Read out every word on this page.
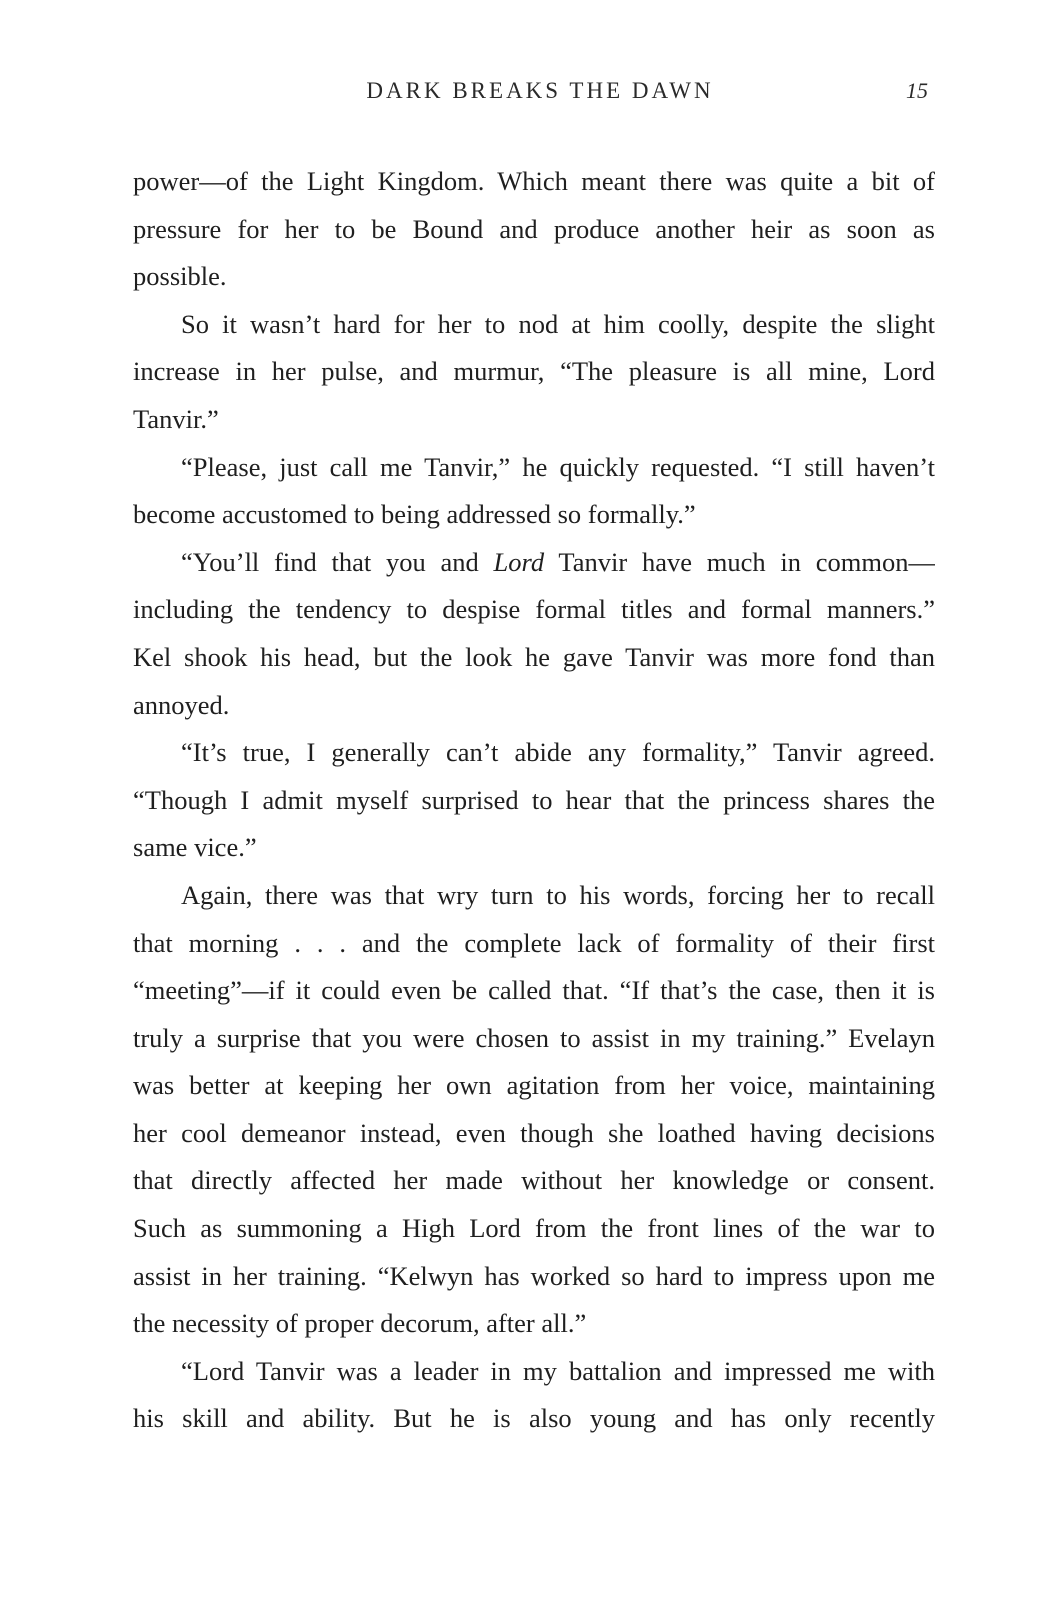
DARK BREAKS THE DAWN	15
power—of the Light Kingdom. Which meant there was quite a bit of
pressure for her to be Bound and produce another heir as soon as
possible.
So it wasn’t hard for her to nod at him coolly, despite the slight
increase in her pulse, and murmur, “The pleasure is all mine, Lord
Tanvir.”
“Please, just call me Tanvir,” he quickly requested. “I still haven’t
become accustomed to being addressed so formally.”
“You’ll find that you and Lord Tanvir have much in common—
including the tendency to despise formal titles and formal manners.”
Kel shook his head, but the look he gave Tanvir was more fond than
annoyed.
“It’s true, I generally can’t abide any formality,” Tanvir agreed.
“Though I admit myself surprised to hear that the princess shares the
same vice.”
Again, there was that wry turn to his words, forcing her to recall
that morning . . . and the complete lack of formality of their first
“meeting”—if it could even be called that. “If that’s the case, then it is
truly a surprise that you were chosen to assist in my training.” Evelayn
was better at keeping her own agitation from her voice, maintaining
her cool demeanor instead, even though she loathed having decisions
that directly affected her made without her knowledge or consent.
Such as summoning a High Lord from the front lines of the war to
assist in her training. “Kelwyn has worked so hard to impress upon me
the necessity of proper decorum, after all.”
“Lord Tanvir was a leader in my battalion and impressed me with
his skill and ability. But he is also young and has only recently
